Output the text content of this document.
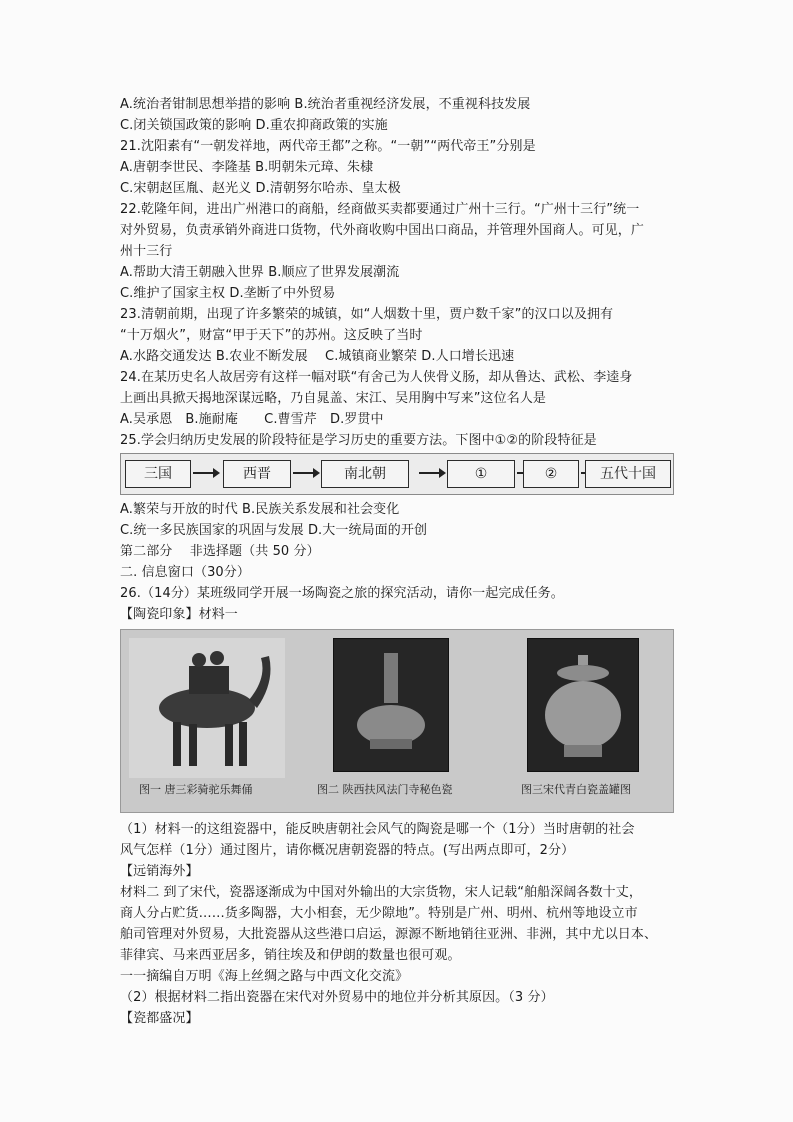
A.统治者钳制思想举措的影响 B.统治者重视经济发展，不重视科技发展
C.闭关锁国政策的影响 D.重农抑商政策的实施
21.沈阳素有“一朝发祥地，两代帝王都”之称。“一朝”“两代帝王”分别是
A.唐朝李世民、李隆基 B.明朝朱元璋、朱棣
C.宋朝赵匡胤、赵光义 D.清朝努尔哈赤、皇太极
22.乾隆年间，进出广州港口的商船，经商做买卖都要通过广州十三行。“广州十三行”统一
对外贸易，负责承销外商进口货物，代外商收购中国出口商品，并管理外国商人。可见，广
州十三行
A.帮助大清王朝融入世界 B.顺应了世界发展潮流
C.维护了国家主权 D.垄断了中外贸易
23.清朝前期，出现了许多繁荣的城镇，如“人烟数十里，贾户数千家”的汉口以及拥有
“十万烟火”，财富“甲于天下”的苏州。这反映了当时
A.水路交通发达 B.农业不断发展　 C.城镇商业繁荣 D.人口增长迅速
24.在某历史名人故居旁有这样一幅对联“有舍己为人侠骨义肠，却从鲁达、武松、李逵身
上画出具掀天揭地深谋远略，乃自晁盖、宋江、吴用胸中写来”这位名人是
A.吴承恩　B.施耐庵　　C.曹雪芹　D.罗贯中
25.学会归纳历史发展的阶段特征是学习历史的重要方法。下图中①②的阶段特征是
三国	西晋	南北朝	①	②	五代十国
A.繁荣与开放的时代 B.民族关系发展和社会变化
C.统一多民族国家的巩固与发展 D.大一统局面的开创
第二部分　 非选择题（共 50 分）
二. 信息窗口（30分）
26.（14分）某班级同学开展一场陶瓷之旅的探究活动，请你一起完成任务。
【陶瓷印象】材料一
图一 唐三彩骑驼乐舞俑	图二 陕西扶风法门寺秘色瓷	图三宋代青白瓷盖罐图
（1）材料一的这组瓷器中，能反映唐朝社会风气的陶瓷是哪一个（1分）当时唐朝的社会
风气怎样（1分）通过图片，请你概况唐朝瓷器的特点。(写出两点即可，2分）
【远销海外】
材料二 到了宋代，瓷器逐渐成为中国对外输出的大宗货物，宋人记载“舶船深阔各数十丈，
商人分占贮货……货多陶器，大小相套，无少隙地”。特别是广州、明州、杭州等地设立市
舶司管理对外贸易，大批瓷器从这些港口启运，源源不断地销往亚洲、非洲，其中尤以日本、
菲律宾、马来西亚居多，销往埃及和伊朗的数量也很可观。
一一摘编自万明《海上丝绸之路与中西文化交流》
（2）根据材料二指出瓷器在宋代对外贸易中的地位并分析其原因。（3 分）
【瓷都盛况】
